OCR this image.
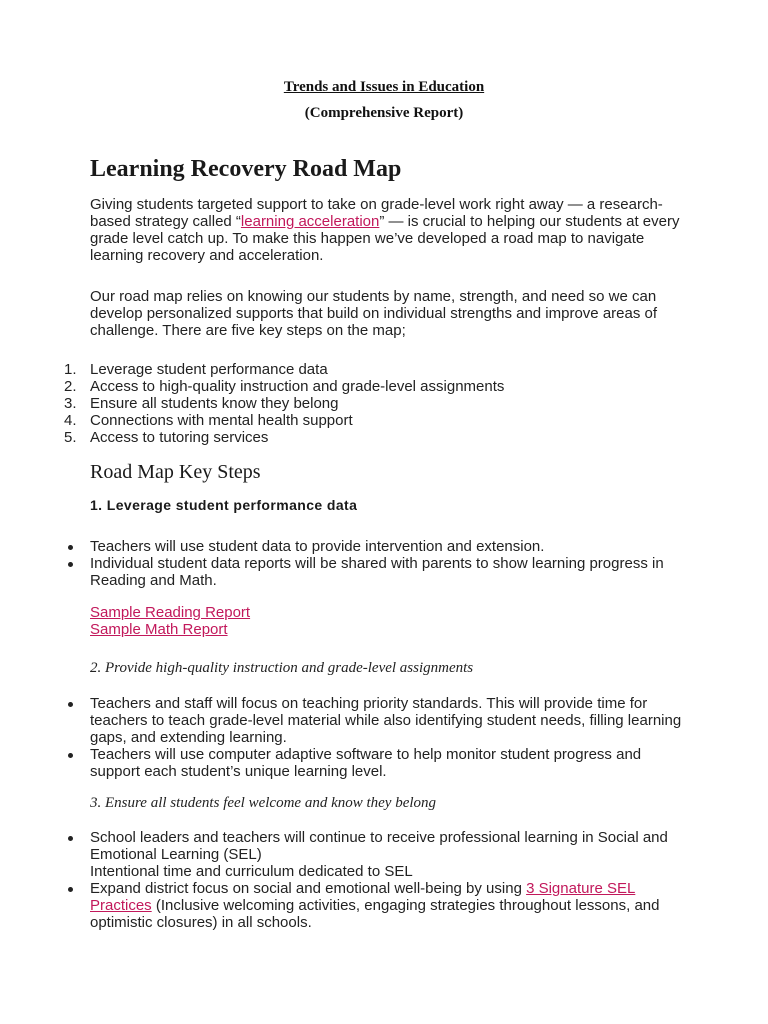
Trends and Issues in Education
(Comprehensive Report)
Learning Recovery Road Map
Giving students targeted support to take on grade-level work right away — a research-based strategy called “learning acceleration” — is crucial to helping our students at every grade level catch up. To make this happen we’ve developed a road map to navigate learning recovery and acceleration.
Our road map relies on knowing our students by name, strength, and need so we can develop personalized supports that build on individual strengths and improve areas of challenge. There are five key steps on the map;
1. Leverage student performance data
2. Access to high-quality instruction and grade-level assignments
3. Ensure all students know they belong
4. Connections with mental health support
5. Access to tutoring services
Road Map Key Steps
1. Leverage student performance data
Teachers will use student data to provide intervention and extension.
Individual student data reports will be shared with parents to show learning progress in Reading and Math.
Sample Reading Report
Sample Math Report
2. Provide high-quality instruction and grade-level assignments
Teachers and staff will focus on teaching priority standards. This will provide time for teachers to teach grade-level material while also identifying student needs, filling learning gaps, and extending learning.
Teachers will use computer adaptive software to help monitor student progress and support each student’s unique learning level.
3. Ensure all students feel welcome and know they belong
School leaders and teachers will continue to receive professional learning in Social and Emotional Learning (SEL)
Intentional time and curriculum dedicated to SEL
Expand district focus on social and emotional well-being by using 3 Signature SEL Practices (Inclusive welcoming activities, engaging strategies throughout lessons, and optimistic closures) in all schools.
